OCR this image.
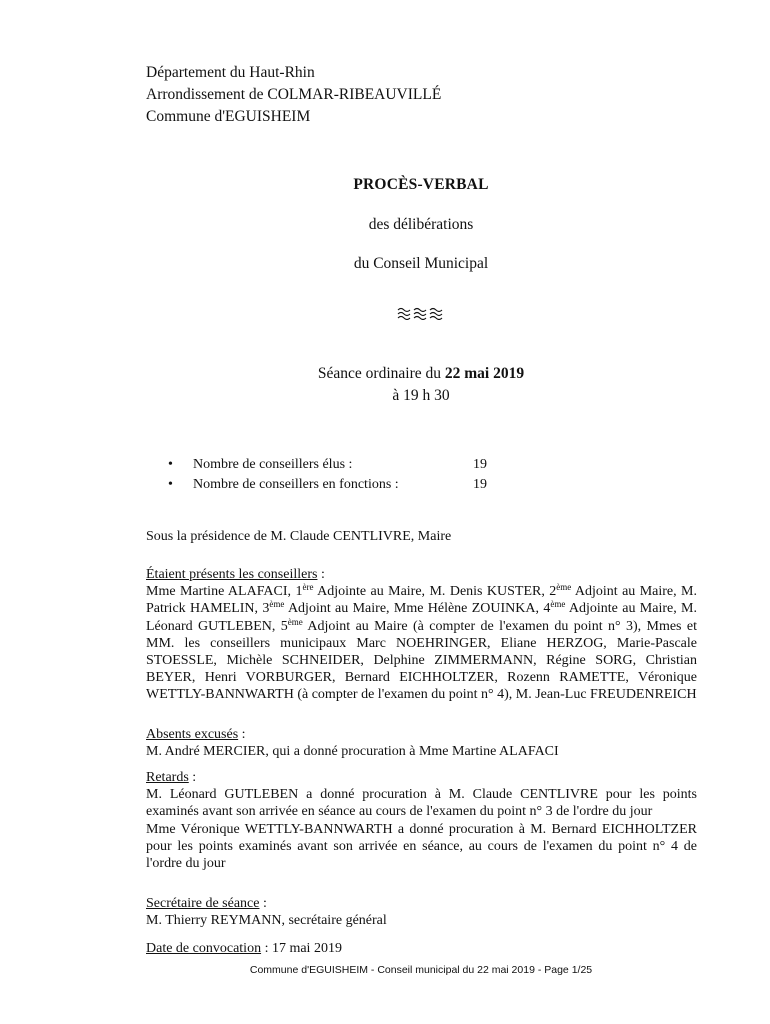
Département du Haut-Rhin
Arrondissement de COLMAR-RIBEAUVILLÉ
Commune d'EGUISHEIM
PROCÈS-VERBAL
des délibérations
du Conseil Municipal
Séance ordinaire du 22 mai 2019
à 19 h 30
• Nombre de conseillers élus :	19
• Nombre de conseillers en fonctions :	19
Sous la présidence de M. Claude CENTLIVRE, Maire
Étaient présents les conseillers :
Mme Martine ALAFACI, 1ère Adjointe au Maire, M. Denis KUSTER, 2ème Adjoint au Maire, M. Patrick HAMELIN, 3ème Adjoint au Maire, Mme Hélène ZOUINKA, 4ème Adjointe au Maire, M. Léonard GUTLEBEN, 5ème Adjoint au Maire (à compter de l'examen du point n° 3), Mmes et MM. les conseillers municipaux Marc NOEHRINGER, Eliane HERZOG, Marie-Pascale STOESSLE, Michèle SCHNEIDER, Delphine ZIMMERMANN, Régine SORG, Christian BEYER, Henri VORBURGER, Bernard EICHHOLTZER, Rozenn RAMETTE, Véronique WETTLY-BANNWARTH (à compter de l'examen du point n° 4), M. Jean-Luc FREUDENREICH
Absents excusés :
M. André MERCIER, qui a donné procuration à Mme Martine ALAFACI
Retards :

M. Léonard GUTLEBEN a donné procuration à M. Claude CENTLIVRE pour les points examinés avant son arrivée en séance au cours de l'examen du point n° 3 de l'ordre du jour
Mme Véronique WETTLY-BANNWARTH a donné procuration à M. Bernard EICHHOLTZER pour les points examinés avant son arrivée en séance, au cours de l'examen du point n° 4 de l'ordre du jour
Secrétaire de séance :
M. Thierry REYMANN, secrétaire général
Date de convocation : 17 mai 2019
Commune d'EGUISHEIM - Conseil municipal du 22 mai 2019 - Page 1/25
